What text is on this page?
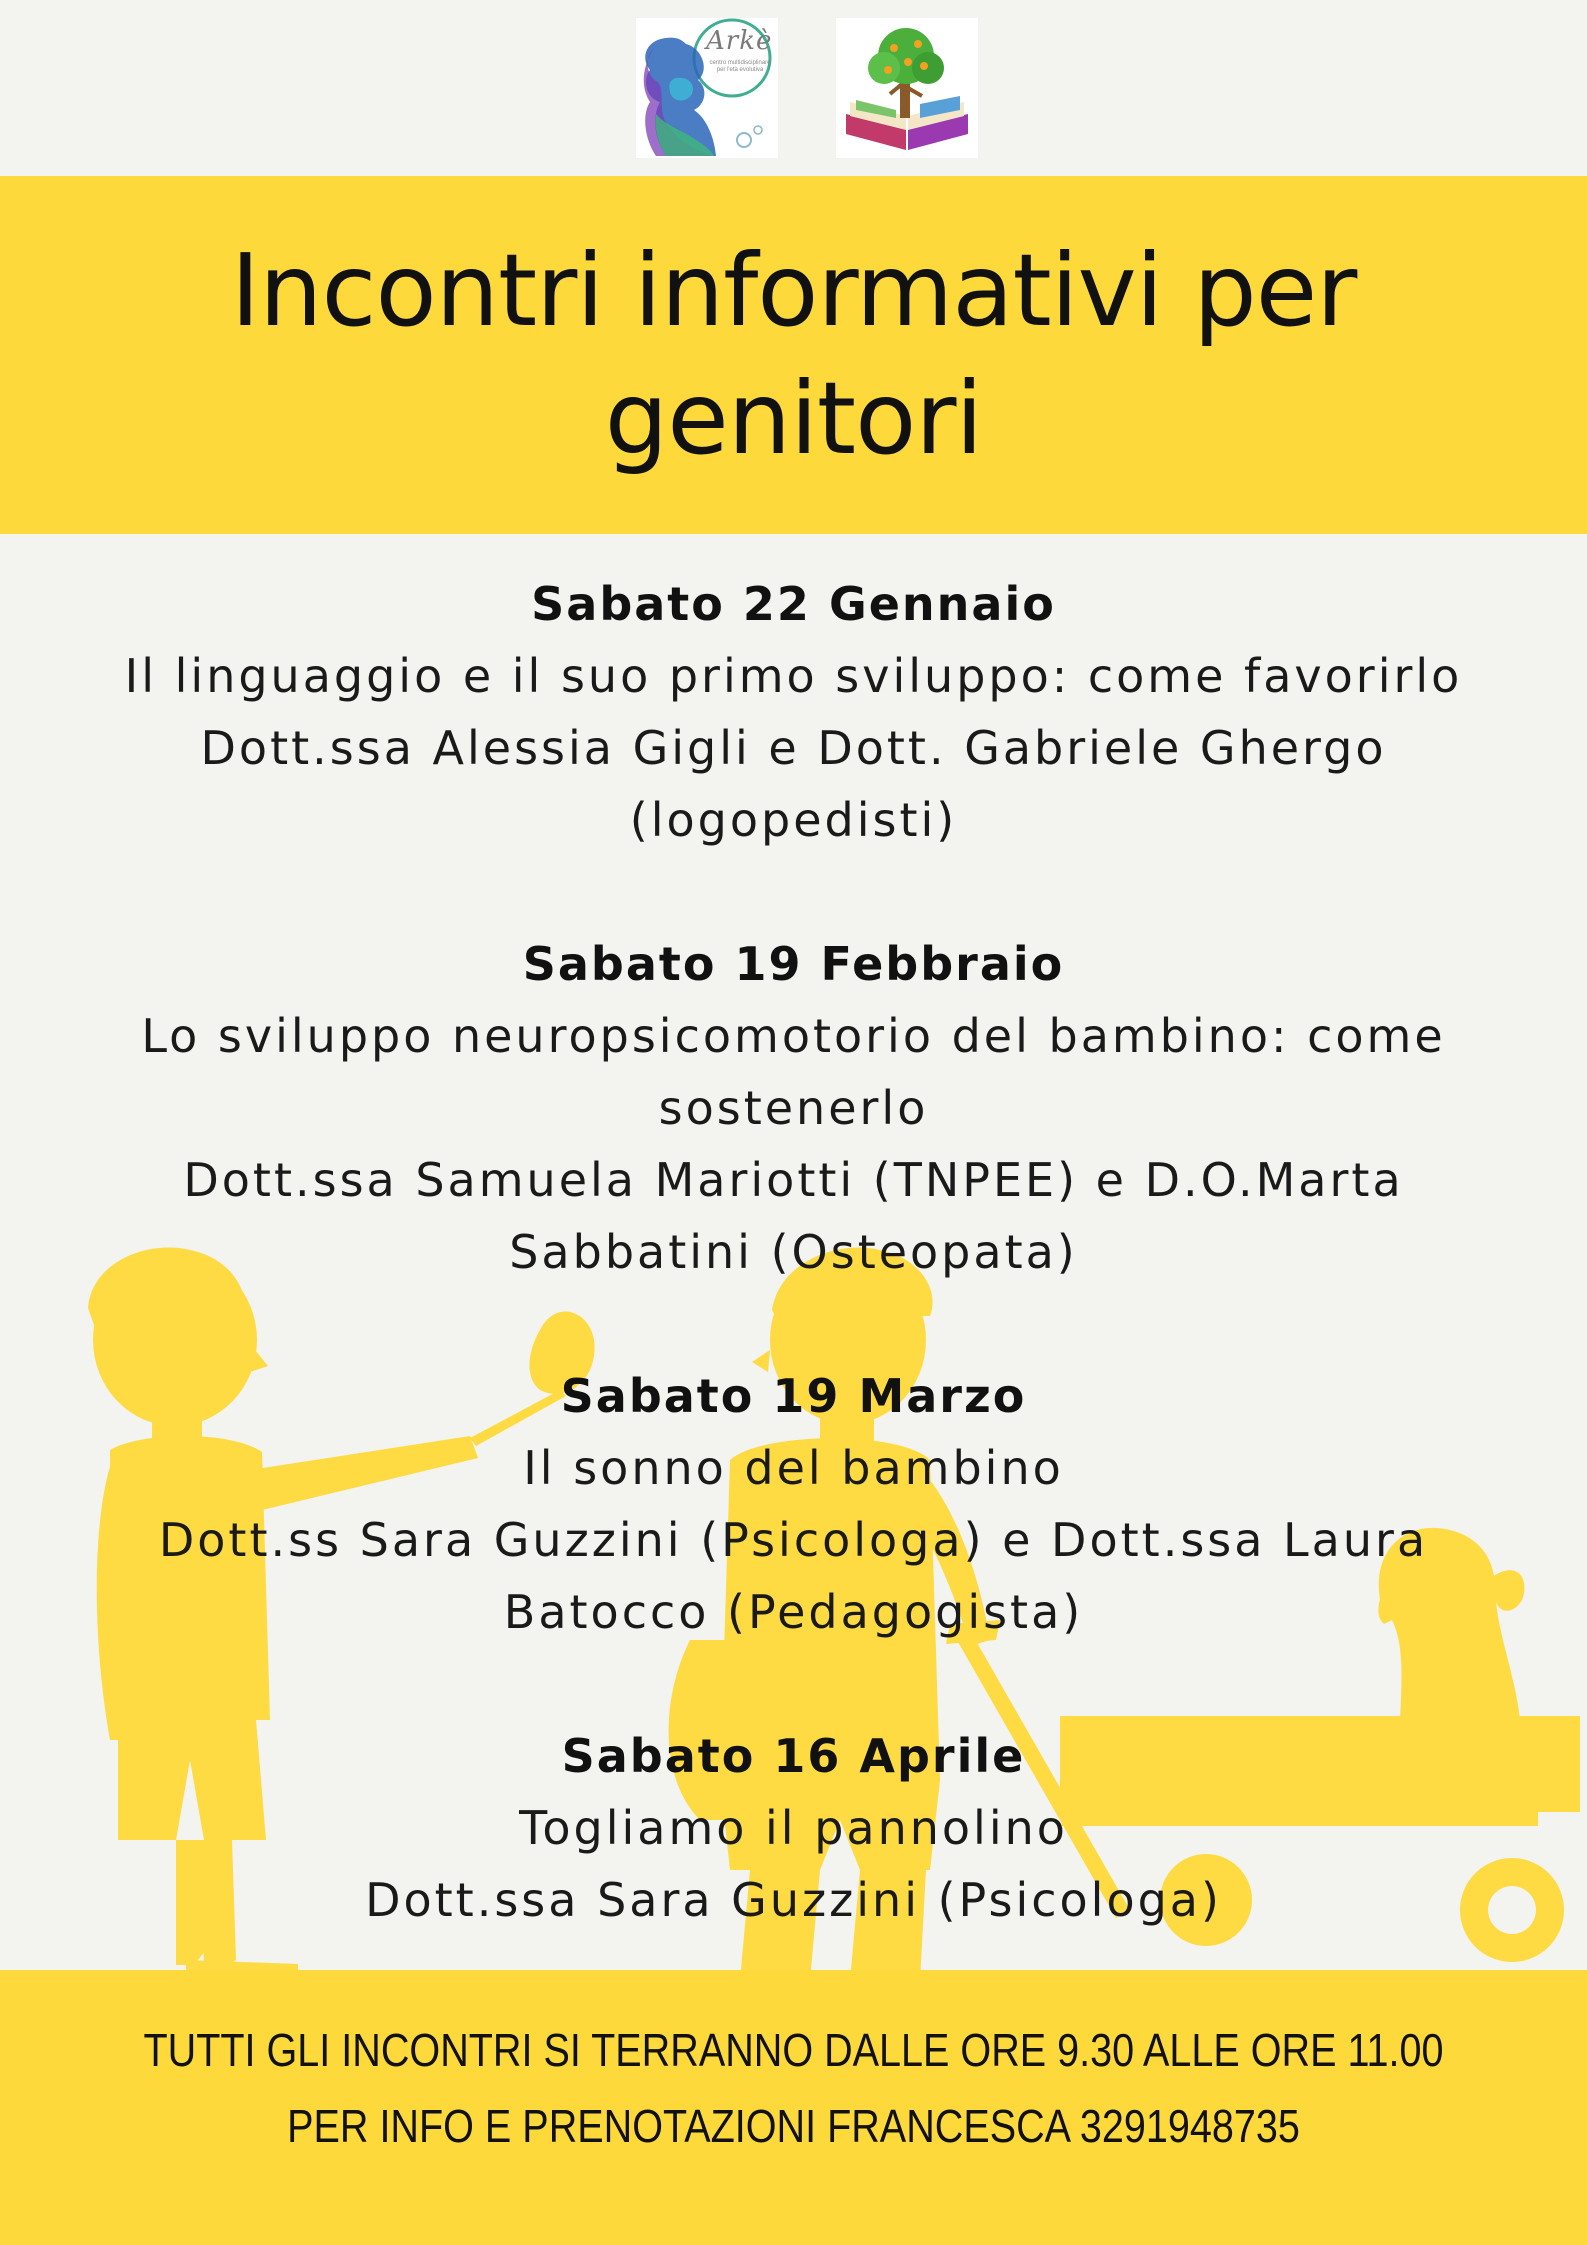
Arkè
centro multidisciplinare per l'età evolutiva
Incontri informativi per genitori
Sabato 22 Gennaio
Il linguaggio e il suo primo sviluppo: come favorirlo
Dott.ssa Alessia Gigli e Dott. Gabriele Ghergo
(logopedisti)
Sabato 19 Febbraio
Lo sviluppo neuropsicomotorio del bambino: come
sostenerlo
Dott.ssa Samuela Mariotti (TNPEE) e D.O.Marta
Sabbatini (Osteopata)
Sabato 19 Marzo
Il sonno del bambino
Dott.ss Sara Guzzini (Psicologa) e Dott.ssa Laura
Batocco (Pedagogista)
Sabato 16 Aprile
Togliamo il pannolino
Dott.ssa Sara Guzzini (Psicologa)
TUTTI GLI INCONTRI SI TERRANNO DALLE ORE 9.30 ALLE ORE 11.00
PER INFO E PRENOTAZIONI FRANCESCA 3291948735
